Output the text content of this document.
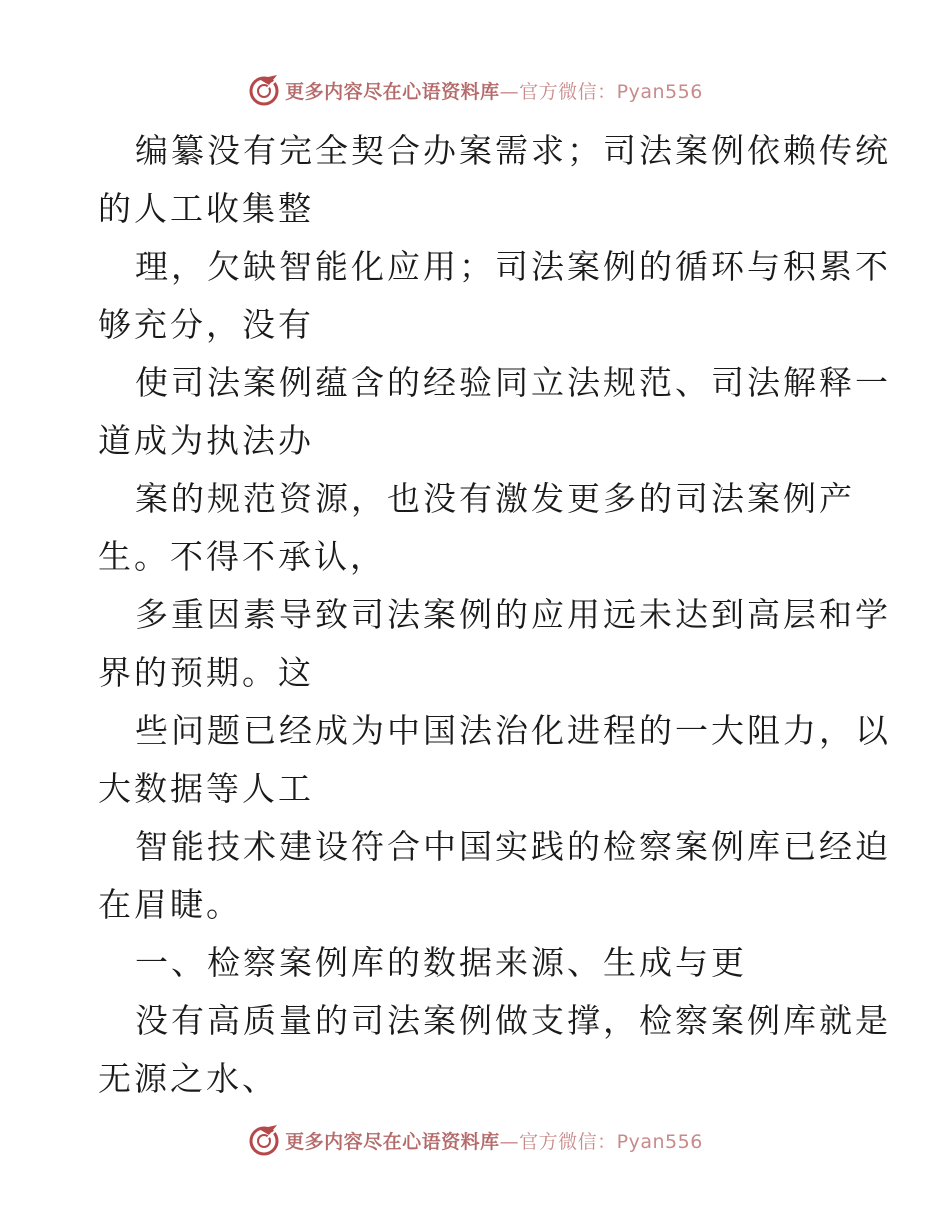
更多内容尽在心语资料库—官方微信：Pyan556
编纂没有完全契合办案需求；司法案例依赖传统
的人工收集整
理，欠缺智能化应用；司法案例的循环与积累不
够充分，没有
使司法案例蕴含的经验同立法规范、司法解释一
道成为执法办
案的规范资源，也没有激发更多的司法案例产
生。不得不承认，
多重因素导致司法案例的应用远未达到高层和学
界的预期。这
些问题已经成为中国法治化进程的一大阻力，以
大数据等人工
智能技术建设符合中国实践的检察案例库已经迫
在眉睫。
一、检察案例库的数据来源、生成与更
没有高质量的司法案例做支撑，检察案例库就是
无源之水、
更多内容尽在心语资料库—官方微信：Pyan556
